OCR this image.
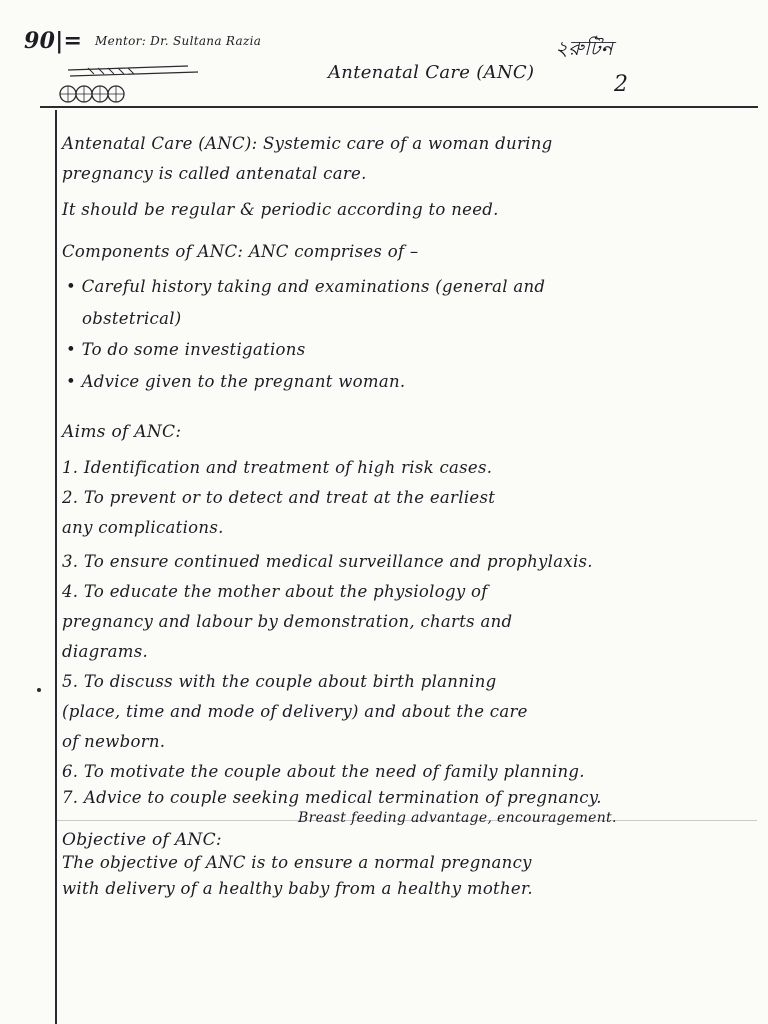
90|= Mentor: Dr. Sultana Razia
Antenatal Care (ANC)
২রুটিন
2
Antenatal Care (ANC): Systemic care of a woman during
pregnancy is called antenatal care.
It should be regular & periodic according to need.
Components of ANC: ANC comprises of –
• Careful history taking and examinations (general and
obstetrical)
• To do some investigations
• Advice given to the pregnant woman.
Aims of ANC:
1. Identification and treatment of high risk cases.
2. To prevent or to detect and treat at the earliest
any complications.
3. To ensure continued medical surveillance and prophylaxis.
4. To educate the mother about the physiology of
pregnancy and labour by demonstration, charts and
diagrams.
5. To discuss with the couple about birth planning
(place, time and mode of delivery) and about the care
of newborn.
6. To motivate the couple about the need of family planning.
7. Advice to couple seeking medical termination of pregnancy.
Breast feeding advantage, encouragement.
Objective of ANC:
The objective of ANC is to ensure a normal pregnancy
with delivery of a healthy baby from a healthy mother.
